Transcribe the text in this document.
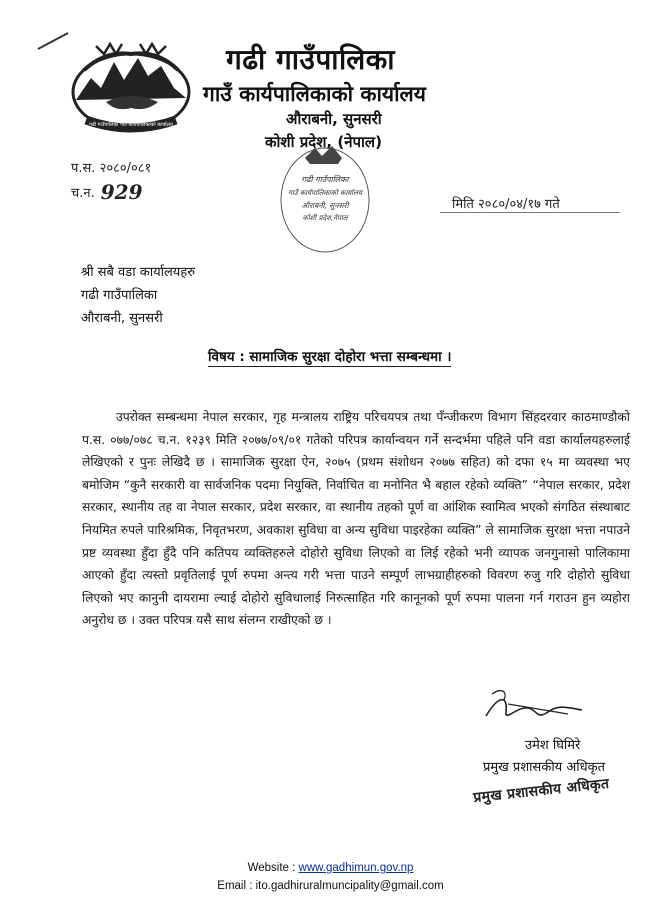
गढी गाउँपालिका गाउँ कार्यपालिकाको कार्यालय
गढी गाउँपालिका
गाउँ कार्यपालिकाको कार्यालय
औराबनी, सुनसरी
कोशी प्रदेश, (नेपाल)
प.स. २०८०/०८१
च.न. 929
गढी गाउँपालिका
गाउँ कार्यपालिकाको कार्यालय
औराबनी, सुनसरी
कोशी प्रदेश,नेपाल
मिति २०८०/०४/१७ गते
श्री सबै वडा कार्यालयहरु
गढी गाउँपालिका
औराबनी, सुनसरी
विषय : सामाजिक सुरक्षा दोहोरा भत्ता सम्बन्धमा ।
उपरोक्त सम्बन्धमा नेपाल सरकार, गृह मन्त्रालय राष्ट्रिय परिचयपत्र तथा पँन्जीकरण विभाग सिंहदरवार काठमाण्डौको प.स. ०७७/०७८ च.न. १२३९ मिति २०७७/०९/०१ गतेको परिपत्र कार्यान्वयन गर्ने सन्दर्भमा पहिले पनि वडा कार्यालयहरुलाई लेखिएको र पुनः लेखिदै छ । सामाजिक सुरक्षा ऐन, २०७५ (प्रथम संशोधन २०७७ सहित) को दफा १५ मा व्यवस्था भए बमोजिम “कुनै सरकारी वा सार्वजनिक पदमा नियुक्ति, निर्वाचित वा मनोनित भै बहाल रहेको व्यक्ति” “नेपाल सरकार, प्रदेश सरकार, स्थानीय तह वा नेपाल सरकार, प्रदेश सरकार, वा स्थानीय तहको पूर्ण वा आंशिक स्वामित्व भएको संगठित संस्थाबाट नियमित रुपले पारिश्रमिक, निवृतभरण, अवकाश सुविधा वा अन्य सुविधा पाइरहेका व्यक्ति” ले सामाजिक सुरक्षा भत्ता नपाउने प्रष्ट व्यवस्था हुँदा हुँदै पनि कतिपय व्यक्तिहरुले दोहोरो सुविधा लिएको वा लिई रहेको भनी व्यापक जनगुनासो पालिकामा आएको हुँदा त्यस्तो प्रवृतिलाई पूर्ण रुपमा अन्त्य गरी भत्ता पाउने सम्पूर्ण लाभग्राहीहरुको विवरण रुजु गरि दोहोरो सुविधा लिएको भए कानुनी दायरामा ल्याई दोहोरो सुविधालाई निरुत्साहित गरि कानूनको पूर्ण रुपमा पालना गर्न गराउन हुन व्यहोरा अनुरोध छ । उक्त परिपत्र यसै साथ संलग्न राखीएको छ ।
उमेश घिमिरे
प्रमुख प्रशासकीय अधिकृत
प्रमुख प्रशासकीय अधिकृत
Website : www.gadhimun.gov.np
Email : ito.gadhiruralmuncipality@gmail.com
